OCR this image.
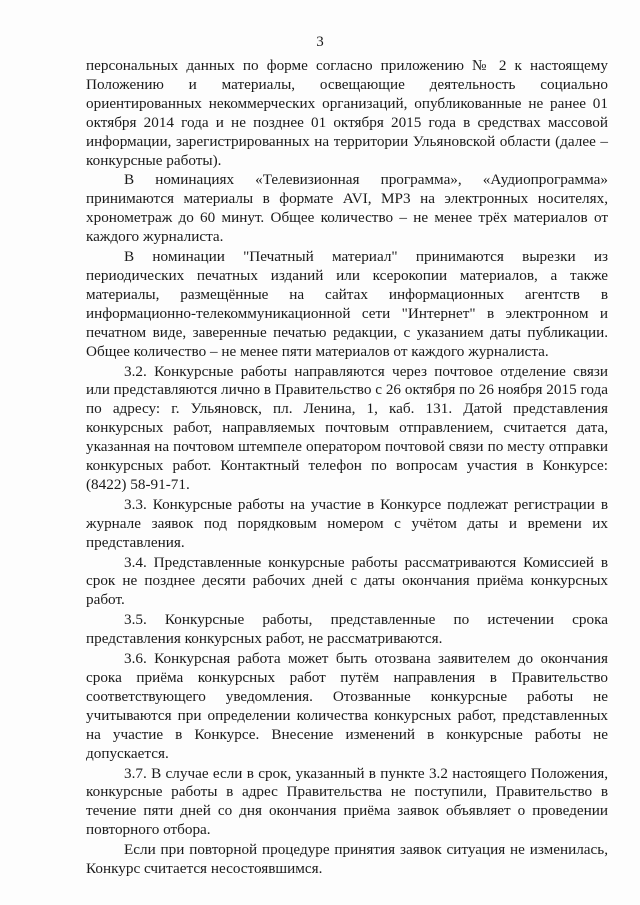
3

персональных данных по форме согласно приложению № 2 к настоящему Положению и материалы, освещающие деятельность социально ориентированных некоммерческих организаций, опубликованные не ранее 01 октября 2014 года и не позднее 01 октября 2015 года в средствах массовой информации, зарегистрированных на территории Ульяновской области (далее – конкурсные работы).

В номинациях «Телевизионная программа», «Аудиопрограмма» принимаются материалы в формате AVI, MP3 на электронных носителях, хронометраж до 60 минут. Общее количество – не менее трёх материалов от каждого журналиста.

В номинации "Печатный материал" принимаются вырезки из периодических печатных изданий или ксерокопии материалов, а также материалы, размещённые на сайтах информационных агентств в информационно-телекоммуникационной сети "Интернет" в электронном и печатном виде, заверенные печатью редакции, с указанием даты публикации. Общее количество – не менее пяти материалов от каждого журналиста.

3.2. Конкурсные работы направляются через почтовое отделение связи или представляются лично в Правительство с 26 октября по 26 ноября 2015 года по адресу: г. Ульяновск, пл. Ленина, 1, каб. 131. Датой представления конкурсных работ, направляемых почтовым отправлением, считается дата, указанная на почтовом штемпеле оператором почтовой связи по месту отправки конкурсных работ. Контактный телефон по вопросам участия в Конкурсе: (8422) 58-91-71.

3.3. Конкурсные работы на участие в Конкурсе подлежат регистрации в журнале заявок под порядковым номером с учётом даты и времени их представления.

3.4. Представленные конкурсные работы рассматриваются Комиссией в срок не позднее десяти рабочих дней с даты окончания приёма конкурсных работ.

3.5. Конкурсные работы, представленные по истечении срока представления конкурсных работ, не рассматриваются.

3.6. Конкурсная работа может быть отозвана заявителем до окончания срока приёма конкурсных работ путём направления в Правительство соответствующего уведомления. Отозванные конкурсные работы не учитываются при определении количества конкурсных работ, представленных на участие в Конкурсе. Внесение изменений в конкурсные работы не допускается.

3.7. В случае если в срок, указанный в пункте 3.2 настоящего Положения, конкурсные работы в адрес Правительства не поступили, Правительство в течение пяти дней со дня окончания приёма заявок объявляет о проведении повторного отбора.

Если при повторной процедуре принятия заявок ситуация не изменилась, Конкурс считается несостоявшимся.
